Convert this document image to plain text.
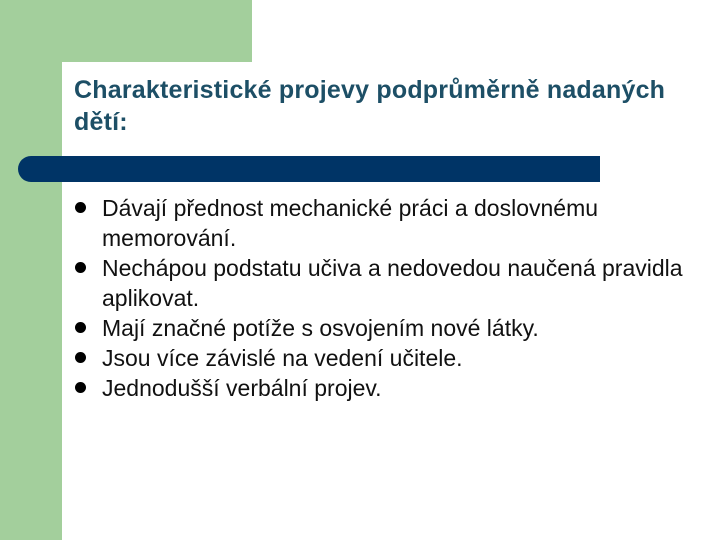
Charakteristické projevy podprůměrně nadaných dětí:
Dávají přednost mechanické práci a doslovnému memorování.
Nechápou podstatu učiva a nedovedou naučená pravidla aplikovat.
Mají značné potíže s osvojením nové látky.
Jsou více závislé na vedení učitele.
Jednodušší verbální projev.
